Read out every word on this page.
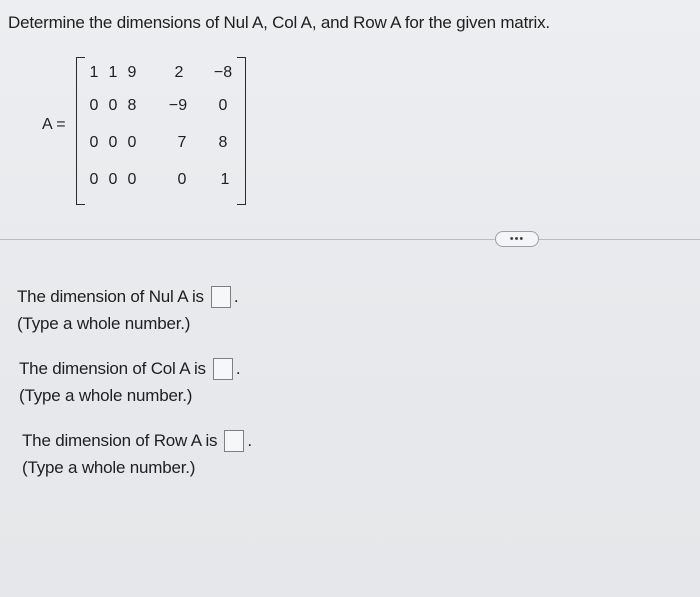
Determine the dimensions of Nul A, Col A, and Row A for the given matrix.
A =
1 1 9	2	−8
0 0 8	−9	0
0 0 0	7	8
0 0 0	0	1
•••
The dimension of Nul A is .
(Type a whole number.)
The dimension of Col A is .
(Type a whole number.)
The dimension of Row A is .
(Type a whole number.)
